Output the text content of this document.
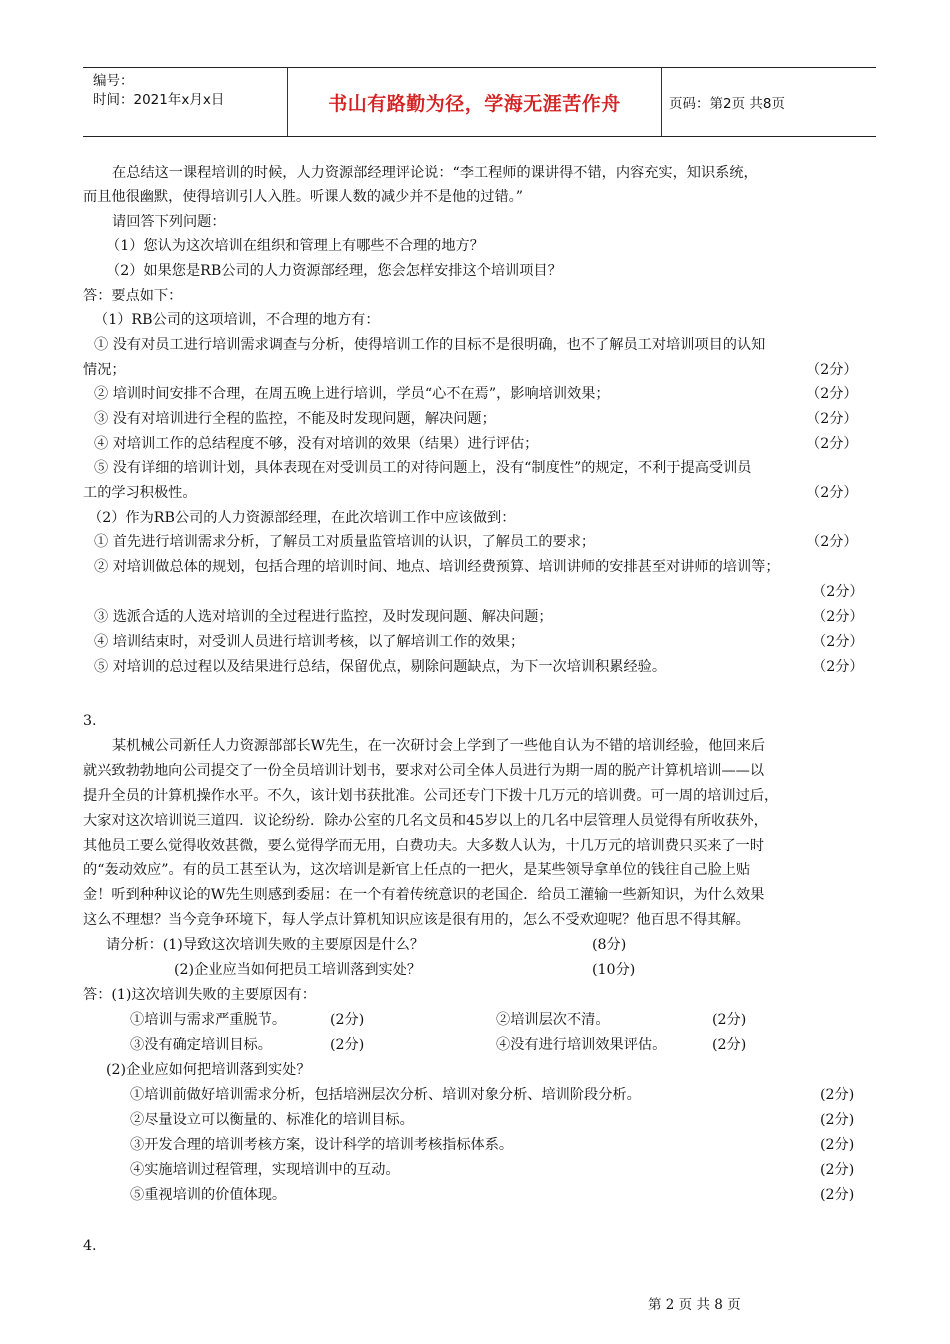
编号：
时间：2021年x月x日	书山有路勤为径，学海无涯苦作舟	页码：第2页 共8页
在总结这一课程培训的时候，人力资源部经理评论说：“李工程师的课讲得不错，内容充实，知识系统，
而且他很幽默，使得培训引人入胜。听课人数的减少并不是他的过错。”
请回答下列问题：
（1）您认为这次培训在组织和管理上有哪些不合理的地方？
（2）如果您是RB公司的人力资源部经理，您会怎样安排这个培训项目？
答：要点如下：
（1）RB公司的这项培训，不合理的地方有：
① 没有对员工进行培训需求调查与分析，使得培训工作的目标不是很明确，也不了解员工对培训项目的认知
情况；	（2分）
② 培训时间安排不合理，在周五晚上进行培训，学员“心不在焉”，影响培训效果；	（2分）
③ 没有对培训进行全程的监控，不能及时发现问题，解决问题；	（2分）
④ 对培训工作的总结程度不够，没有对培训的效果（结果）进行评估；	（2分）
⑤ 没有详细的培训计划，具体表现在对受训员工的对待问题上，没有“制度性”的规定，不利于提高受训员
工的学习积极性。	（2分）
（2）作为RB公司的人力资源部经理，在此次培训工作中应该做到：
① 首先进行培训需求分析，了解员工对质量监管培训的认识，了解员工的要求；	（2分）
② 对培训做总体的规划，包括合理的培训时间、地点、培训经费预算、培训讲师的安排甚至对讲师的培训等；
（2分）
③ 选派合适的人选对培训的全过程进行监控，及时发现问题、解决问题；	（2分）
④ 培训结束时，对受训人员进行培训考核，以了解培训工作的效果；	（2分）
⑤ 对培训的总过程以及结果进行总结，保留优点，剔除问题缺点，为下一次培训积累经验。	（2分）
3.
某机械公司新任人力资源部部长W先生，在一次研讨会上学到了一些他自认为不错的培训经验，他回来后
就兴致勃勃地向公司提交了一份全员培训计划书，要求对公司全体人员进行为期一周的脱产计算机培训——以
提升全员的计算机操作水平。不久，该计划书获批准。公司还专门下拨十几万元的培训费。可一周的培训过后，
大家对这次培训说三道四．议论纷纷．除办公室的几名文员和45岁以上的几名中层管理人员觉得有所收获外，
其他员工要么觉得收效甚微，要么觉得学而无用，白费功夫。大多数人认为，十几万元的培训费只买来了一时
的“轰动效应”。有的员工甚至认为，这次培训是新官上任点的一把火，是某些领导拿单位的钱往自己脸上贴
金！听到种种议论的W先生则感到委屈：在一个有着传统意识的老国企．给员工灌输一些新知识，为什么效果
这么不理想？当今竞争环境下，每人学点计算机知识应该是很有用的，怎么不受欢迎呢？他百思不得其解。
请分析：(1)导致这次培训失败的主要原因是什么？	(8分)
(2)企业应当如何把员工培训落到实处？	(10分)
答：(1)这次培训失败的主要原因有：
①培训与需求严重脱节。	(2分)	②培训层次不清。	(2分)
③没有确定培训目标。	(2分)	④没有进行培训效果评估。	(2分)
(2)企业应如何把培训落到实处？
①培训前做好培训需求分析，包括培洲层次分析、培训对象分析、培训阶段分析。	(2分)
②尽量设立可以衡量的、标准化的培训目标。	(2分)
③开发合理的培训考核方案，设计科学的培训考核指标体系。	(2分)
④实施培训过程管理，实现培训中的互动。	(2分)
⑤重视培训的价值体现。	(2分)
4.
第 2 页 共 8 页
